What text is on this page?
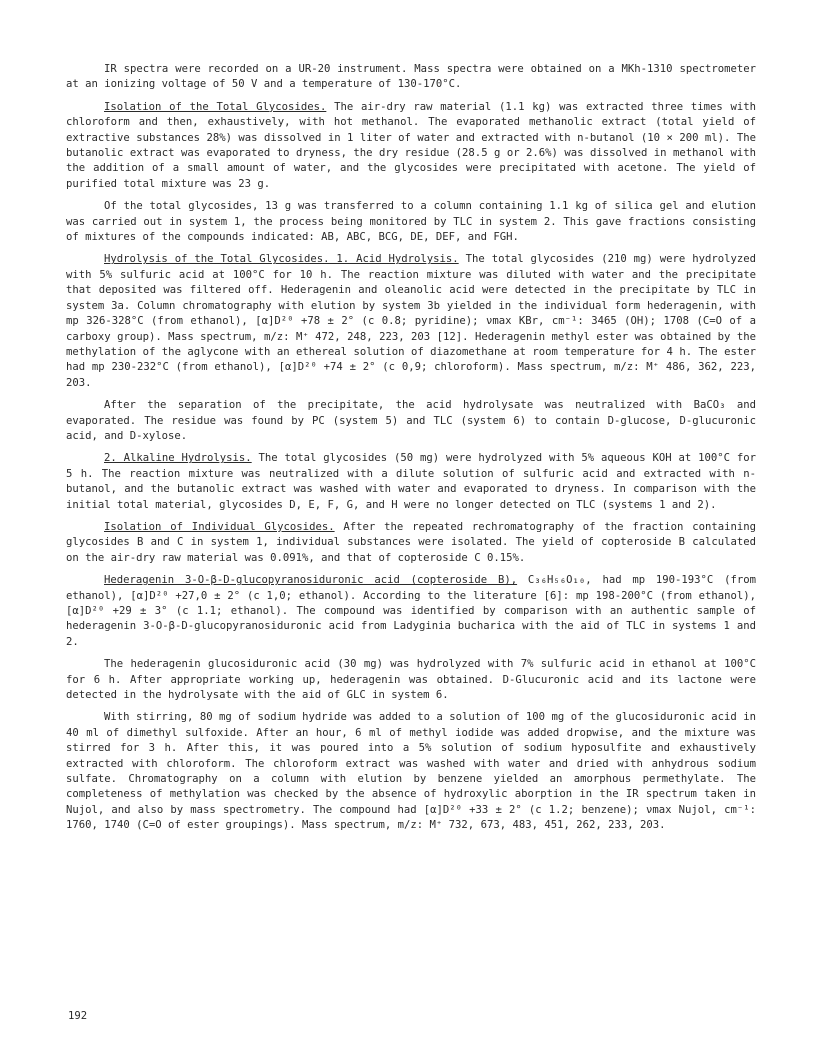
IR spectra were recorded on a UR-20 instrument. Mass spectra were obtained on a MKh-1310 spectrometer at an ionizing voltage of 50 V and a temperature of 130-170°C.

Isolation of the Total Glycosides. The air-dry raw material (1.1 kg) was extracted three times with chloroform and then, exhaustively, with hot methanol. The evaporated methanolic extract (total yield of extractive substances 28%) was dissolved in 1 liter of water and extracted with n-butanol (10 × 200 ml). The butanolic extract was evaporated to dryness, the dry residue (28.5 g or 2.6%) was dissolved in methanol with the addition of a small amount of water, and the glycosides were precipitated with acetone. The yield of purified total mixture was 23 g.

Of the total glycosides, 13 g was transferred to a column containing 1.1 kg of silica gel and elution was carried out in system 1, the process being monitored by TLC in system 2. This gave fractions consisting of mixtures of the compounds indicated: AB, ABC, BCG, DE, DEF, and FGH.

Hydrolysis of the Total Glycosides. 1. Acid Hydrolysis. The total glycosides (210 mg) were hydrolyzed with 5% sulfuric acid at 100°C for 10 h. The reaction mixture was diluted with water and the precipitate that deposited was filtered off. Hederagenin and oleanolic acid were detected in the precipitate by TLC in system 3a. Column chromatography with elution by system 3b yielded in the individual form hederagenin, with mp 326-328°C (from ethanol), [α]D²⁰ +78 ± 2° (c 0.8; pyridine); νmax KBr, cm⁻¹: 3465 (OH); 1708 (C=O of a carboxy group). Mass spectrum, m/z: M⁺ 472, 248, 223, 203 [12]. Hederagenin methyl ester was obtained by the methylation of the aglycone with an ethereal solution of diazomethane at room temperature for 4 h. The ester had mp 230-232°C (from ethanol), [α]D²⁰ +74 ± 2° (c 0,9; chloroform). Mass spectrum, m/z: M⁺ 486, 362, 223, 203.

After the separation of the precipitate, the acid hydrolysate was neutralized with BaCO₃ and evaporated. The residue was found by PC (system 5) and TLC (system 6) to contain D-glucose, D-glucuronic acid, and D-xylose.

2. Alkaline Hydrolysis. The total glycosides (50 mg) were hydrolyzed with 5% aqueous KOH at 100°C for 5 h. The reaction mixture was neutralized with a dilute solution of sulfuric acid and extracted with n-butanol, and the butanolic extract was washed with water and evaporated to dryness. In comparison with the initial total material, glycosides D, E, F, G, and H were no longer detected on TLC (systems 1 and 2).

Isolation of Individual Glycosides. After the repeated rechromatography of the fraction containing glycosides B and C in system 1, individual substances were isolated. The yield of copteroside B calculated on the air-dry raw material was 0.091%, and that of copteroside C 0.15%.

Hederagenin 3-O-β-D-glucopyranosiduronic acid (copteroside B), C₃₆H₅₆O₁₀, had mp 190-193°C (from ethanol), [α]D²⁰ +27,0 ± 2° (c 1,0; ethanol). According to the literature [6]: mp 198-200°C (from ethanol), [α]D²⁰ +29 ± 3° (c 1.1; ethanol). The compound was identified by comparison with an authentic sample of hederagenin 3-O-β-D-glucopyranosiduronic acid from Ladyginia bucharica with the aid of TLC in systems 1 and 2.

The hederagenin glucosiduronic acid (30 mg) was hydrolyzed with 7% sulfuric acid in ethanol at 100°C for 6 h. After appropriate working up, hederagenin was obtained. D-Glucuronic acid and its lactone were detected in the hydrolysate with the aid of GLC in system 6.

With stirring, 80 mg of sodium hydride was added to a solution of 100 mg of the glucosiduronic acid in 40 ml of dimethyl sulfoxide. After an hour, 6 ml of methyl iodide was added dropwise, and the mixture was stirred for 3 h. After this, it was poured into a 5% solution of sodium hyposulfite and exhaustively extracted with chloroform. The chloroform extract was washed with water and dried with anhydrous sodium sulfate. Chromatography on a column with elution by benzene yielded an amorphous permethylate. The completeness of methylation was checked by the absence of hydroxylic aborption in the IR spectrum taken in Nujol, and also by mass spectrometry. The compound had [α]D²⁰ +33 ± 2° (c 1.2; benzene); νmax Nujol, cm⁻¹: 1760, 1740 (C=O of ester groupings). Mass spectrum, m/z: M⁺ 732, 673, 483, 451, 262, 233, 203.

192
